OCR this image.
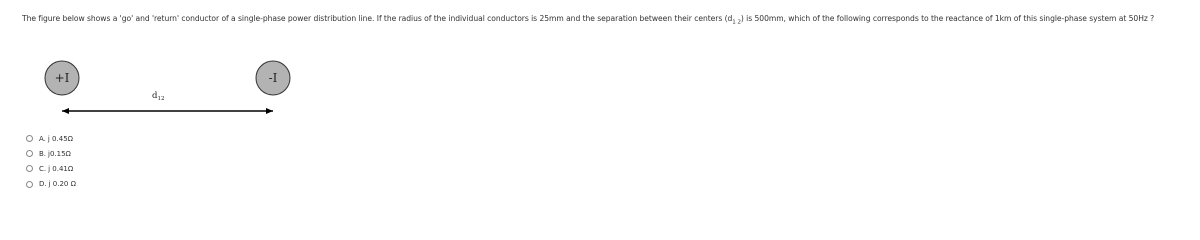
The figure below shows a 'go' and 'return' conductor of a single-phase power distribution line. If the radius of the individual conductors is 25mm and the separation between their centers $(d_{1 2})$ is 500mm, which of the following corresponds to the reactance of 1km of this single-phase system at 50Hz ?
+I	-I
$d_{12}$
A. j 0.45Ω
B. j0.15Ω
C. j 0.41Ω
D. j 0.20 Ω
